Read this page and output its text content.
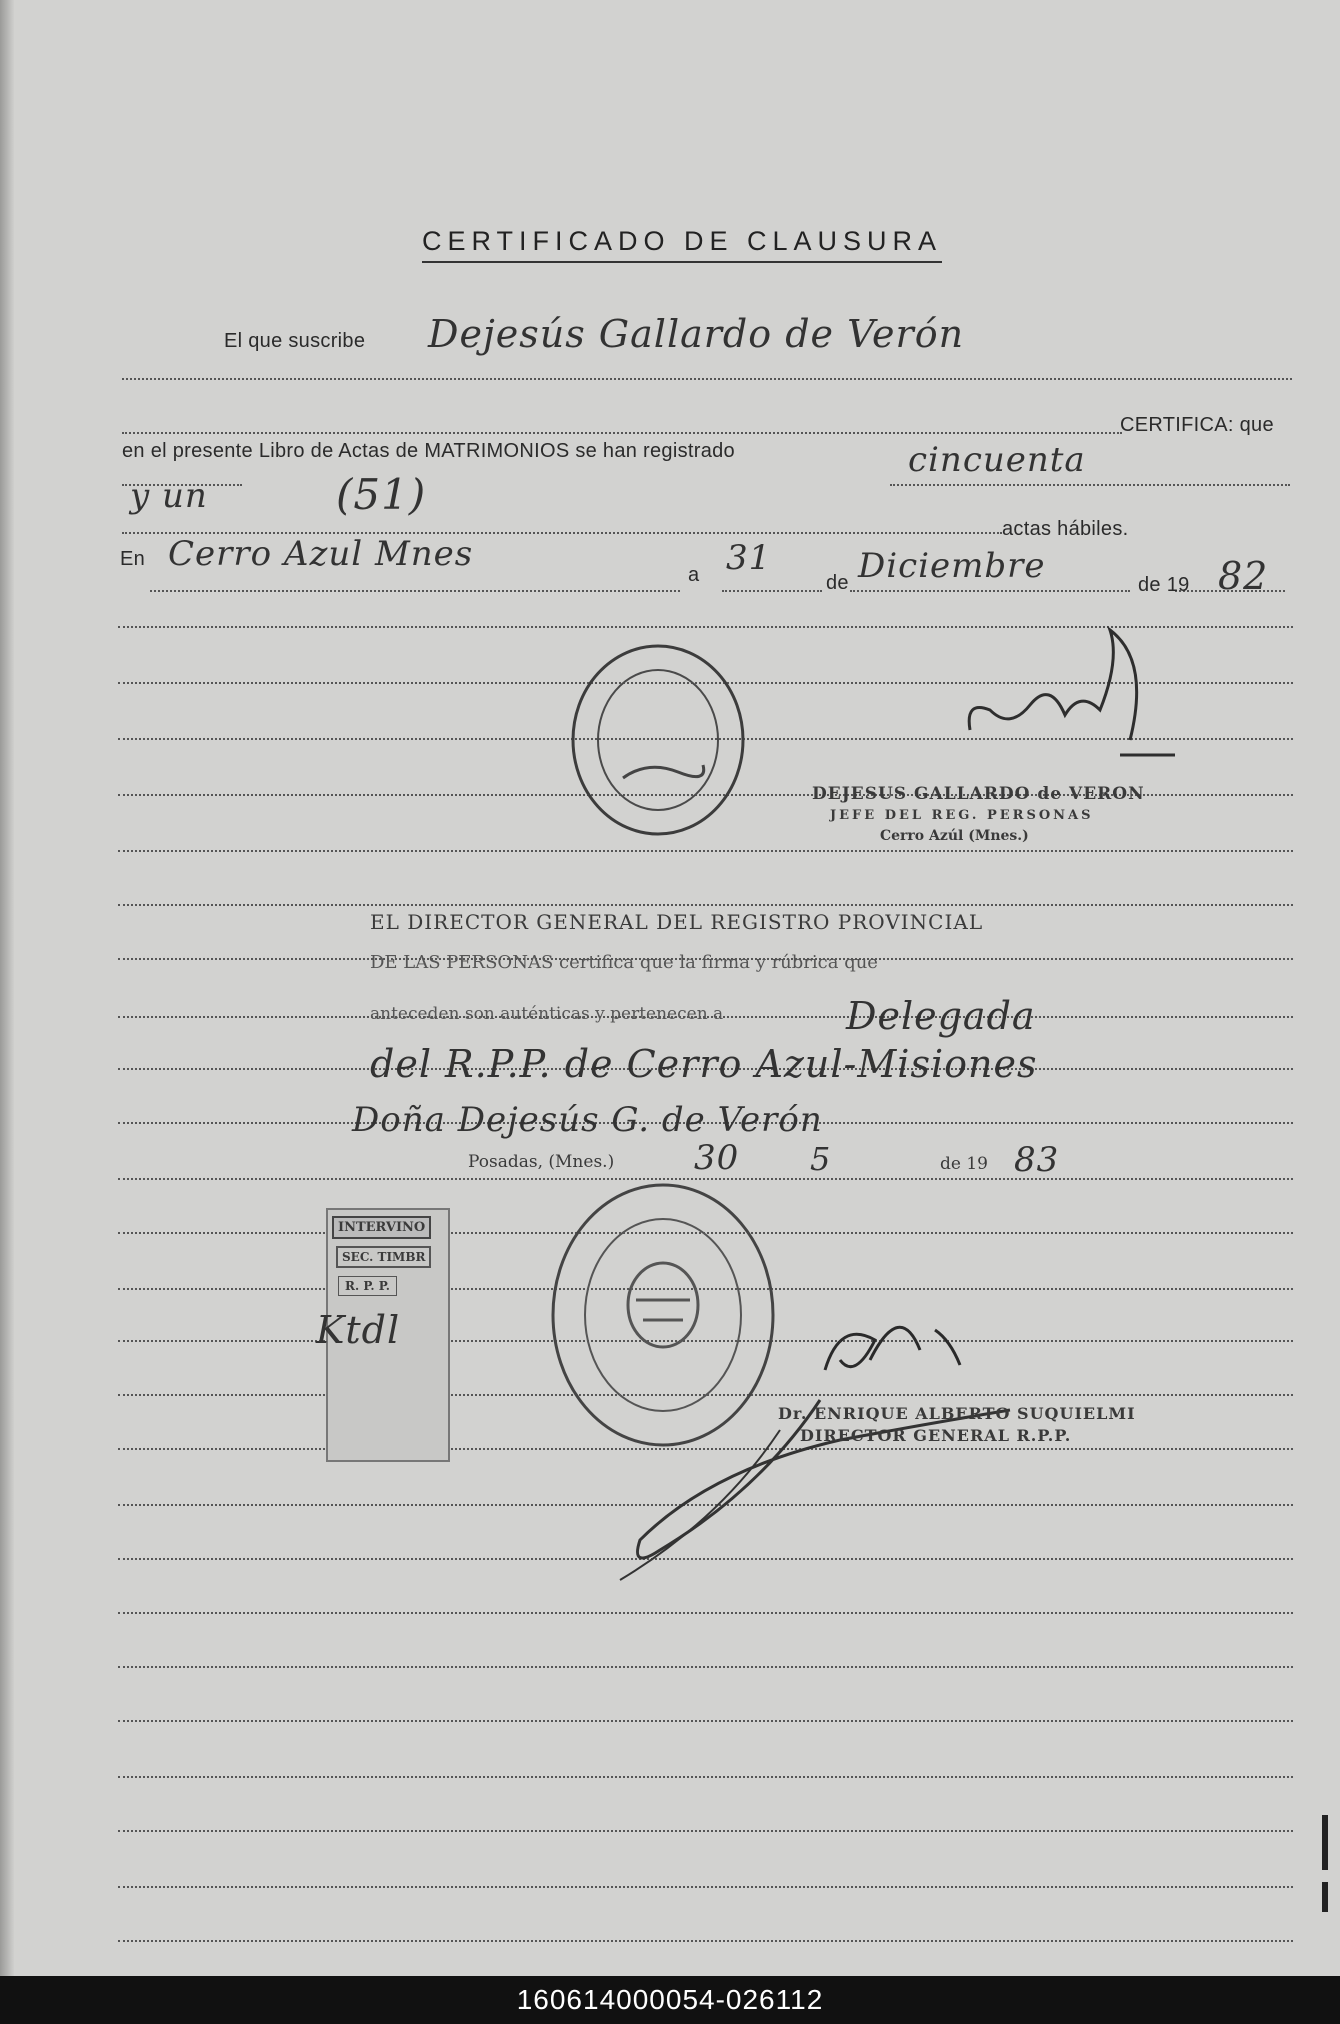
CERTIFICADO DE CLAUSURA
El que suscribe
CERTIFICA: que
en el presente Libro de Actas de MATRIMONIOS se han registrado
actas hábiles.
En
a	de	de 19
Dejesús Gallardo de Verón
cincuenta
y un	(51)
Cerro Azul Mnes	31	Diciembre	82
DEJESUS GALLARDO de VERON
JEFE DEL REG. PERSONAS
Cerro Azúl (Mnes.)
EL DIRECTOR GENERAL DEL REGISTRO PROVINCIAL
DE LAS PERSONAS certifica que la firma y rúbrica que
anteceden son auténticas y pertenecen a	Delegada
del R.P.P. de Cerro Azul-Misiones
Doña Dejesús G. de Verón
Posadas, (Mnes.) 30 5	de 19 83
INTERVINO
SEC. TIMBR
R. P. P.
Ktdl
Dr. ENRIQUE ALBERTO SUQUIELMI
DIRECTOR GENERAL R.P.P.
160614000054-026112
